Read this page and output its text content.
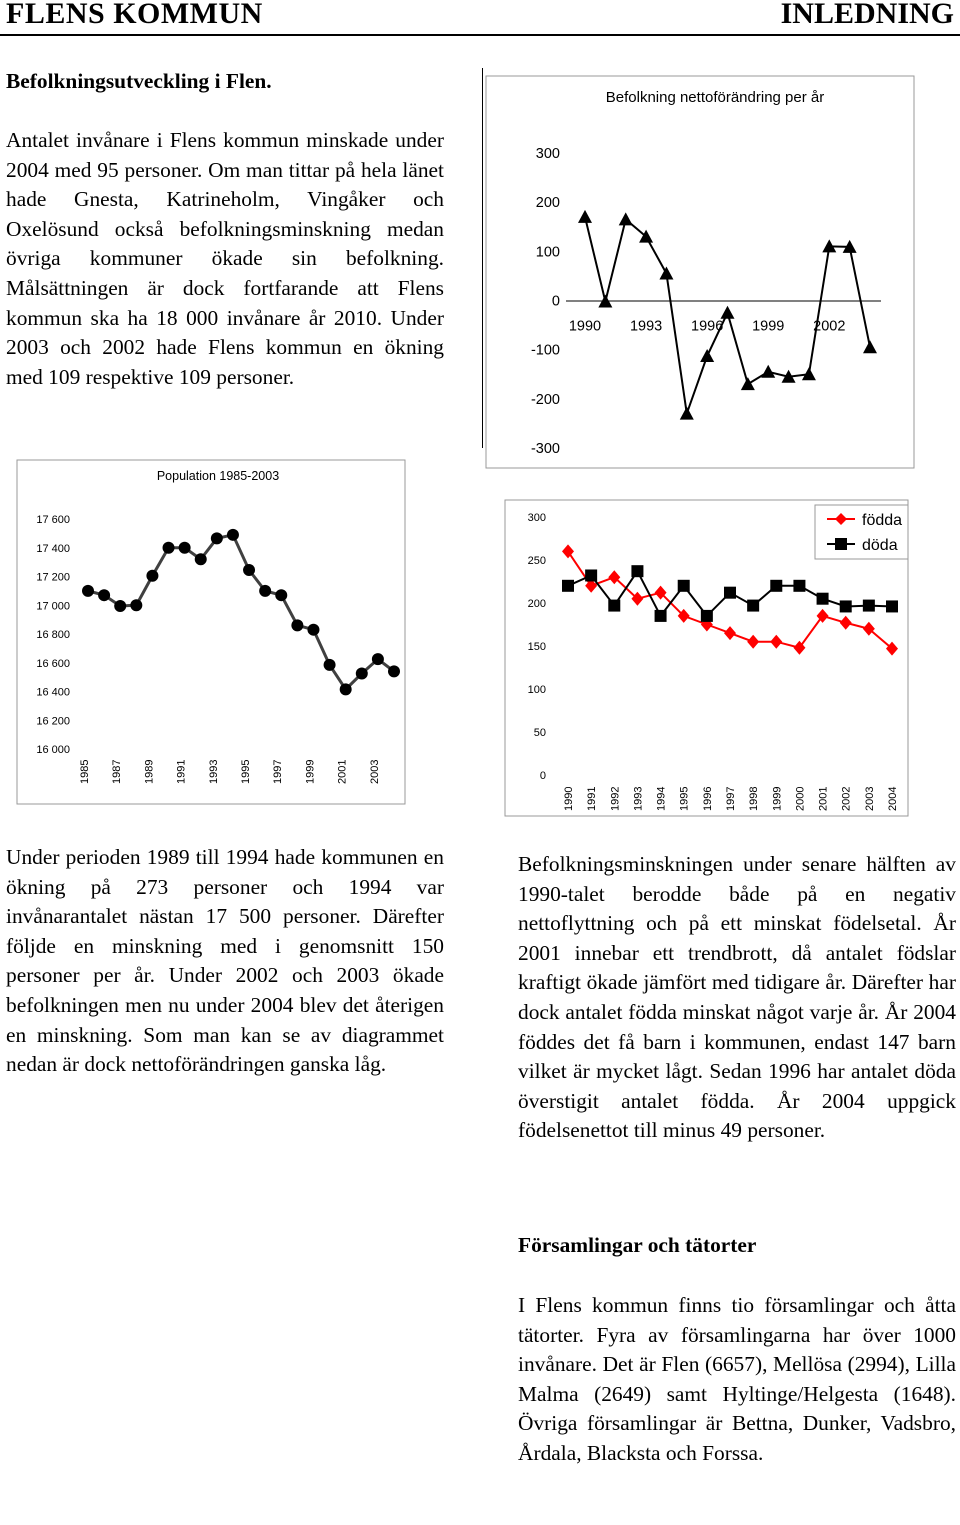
FLENS KOMMUN	INLEDNING
Befolkningsutveckling i Flen.
Antalet invånare i Flens kommun minskade under 2004 med 95 personer. Om man tittar på hela länet hade Gnesta, Katrineholm, Vingåker och Oxelösund också befolkningsminskning medan övriga kommuner ökade sin befolkning. Målsättningen är dock fortfarande att Flens kommun ska ha 18 000 invånare år 2010. Under 2003 och 2002 hade Flens kommun en ökning med 109 respektive 109 personer.
Befolkning nettoförändring per år
300
200
100
0
-100
-200
-300
1990 1993 1996 1999 2002
Population 1985-2003
17 600
17 400
17 200
17 000
16 800
16 600
16 400
16 200
16 000
1985 1987 1989 1991 1993 1995 1997 1999 2001 2003
300
250
200
150
100
50
0
1990 1991 1992 1993 1994 1995 1996 1997 1998 1999 2000 2001 2002 2003 2004
födda
döda
Under perioden 1989 till 1994 hade kommunen en ökning på 273 personer och 1994 var invånarantalet nästan 17 500 personer. Därefter följde en minskning med i genomsnitt 150 personer per år. Under 2002 och 2003 ökade befolkningen men nu under 2004 blev det återigen en minskning. Som man kan se av diagrammet nedan är dock nettoförändringen ganska låg.
Befolkningsminskningen under senare hälften av 1990-talet berodde både på en negativ nettoflyttning och på ett minskat födelsetal. År 2001 innebar ett trendbrott, då antalet födslar kraftigt ökade jämfört med tidigare år. Därefter har dock antalet födda minskat något varje år. År 2004 föddes det få barn i kommunen, endast 147 barn vilket är mycket lågt. Sedan 1996 har antalet döda överstigit antalet födda. År 2004 uppgick födelsenettot till minus 49 personer.
Församlingar och tätorter
I Flens kommun finns tio församlingar och åtta tätorter. Fyra av församlingarna har över 1000 invånare. Det är Flen (6657), Mellösa (2994), Lilla Malma (2649) samt Hyltinge/Helgesta (1648). Övriga församlingar är Bettna, Dunker, Vadsbro, Årdala, Blacksta och Forssa.
